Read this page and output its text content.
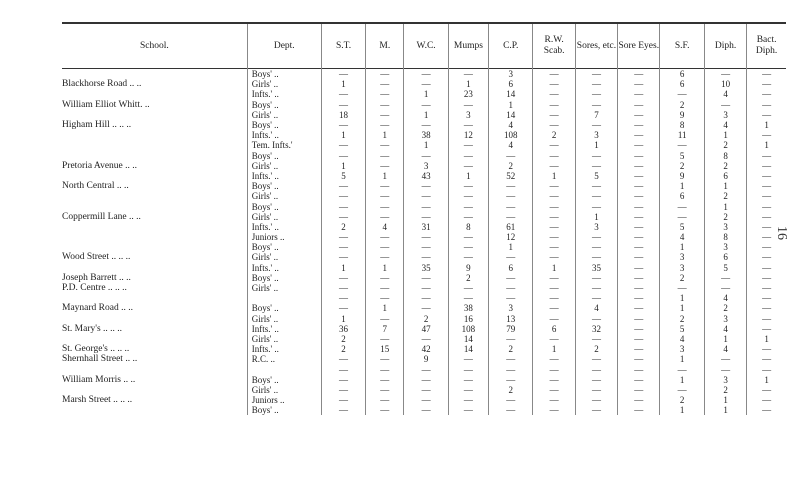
16
School.	Dept.	S.T.	M.	W.C.	Mumps	C.P.	R.W. Scab.	Sores, etc.	Sore Eyes.	S.F.	Diph.	Bact. Diph.
	Boys' ..	—	—	—	—	3	—	—	—	6	—	—
Blackhorse Road .. ..	Girls' ..	1	—	—	1	6	—	—	—	6	10	—
	Infts.' ..	—	—	1	23	14	—	—	—	—	4	—
William Elliot Whitt. ..	Boys' ..	—	—	—	—	1	—	—	—	2	—	—
	Girls' ..	18	—	1	3	14	—	7	—	9	3	—
Higham Hill .. .. ..	Boys' ..	—	—	—	—	4	—	—	—	8	4	1
	Infts.' ..	1	1	38	12	108	2	3	—	11	1	—
	Tem. Infts.'	—	—	1	—	4	—	1	—	—	2	1
	Boys' ..	—	—	—	—	—	—	—	—	5	8	—
Pretoria Avenue .. ..	Girls' ..	1	—	3	—	2	—	—	—	2	2	—
	Infts.' ..	5	1	43	1	52	1	5	—	9	6	—
North Central .. ..	Boys' ..	—	—	—	—	—	—	—	—	1	1	—
	Girls' ..	—	—	—	—	—	—	—	—	6	2	—
	Boys' ..	—	—	—	—	—	—	—	—	—	1	—
Coppermill Lane .. ..	Girls' ..	—	—	—	—	—	—	1	—	—	2	—
	Infts.' ..	2	4	31	8	61	—	3	—	5	3	—
	Juniors ..	—	—	—	—	12	—	—	—	4	8	—
	Boys' ..	—	—	—	—	1	—	—	—	1	3	—
Wood Street .. .. ..	Girls' ..	—	—	—	—	—	—	—	—	3	6	—
	Infts.' ..	1	1	35	9	6	1	35	—	3	5	—
Joseph Barrett .. ..	Boys' ..	—	—	—	2	—	—	—	—	2	—	—
P.D. Centre .. .. ..	Girls' ..	—	—	—	—	—	—	—	—	—	—	—
		—	—	—	—	—	—	—	—	1	4	—
Maynard Road .. ..	Boys' ..	—	1	—	38	3	—	4	—	1	2	—
	Girls' ..	1	—	2	16	13	—	—	—	2	3	—
St. Mary's .. .. ..	Infts.' ..	36	7	47	108	79	6	32	—	5	4	—
	Girls' ..	2	—	—	14	—	—	—	—	4	1	1
St. George's .. .. ..	Infts.' ..	2	15	42	14	2	1	2	—	3	4	—
Shernhall Street .. ..	R.C. ..	—	—	9	—	—	—	—	—	1	—	—
		—	—	—	—	—	—	—	—	—	—	—
William Morris .. ..	Boys' ..	—	—	—	—	—	—	—	—	1	3	1
	Girls' ..	—	—	—	—	2	—	—	—	—	2	—
Marsh Street .. .. ..	Juniors ..	—	—	—	—	—	—	—	—	2	1	—
	Boys' ..	—	—	—	—	—	—	—	—	1	1	—
